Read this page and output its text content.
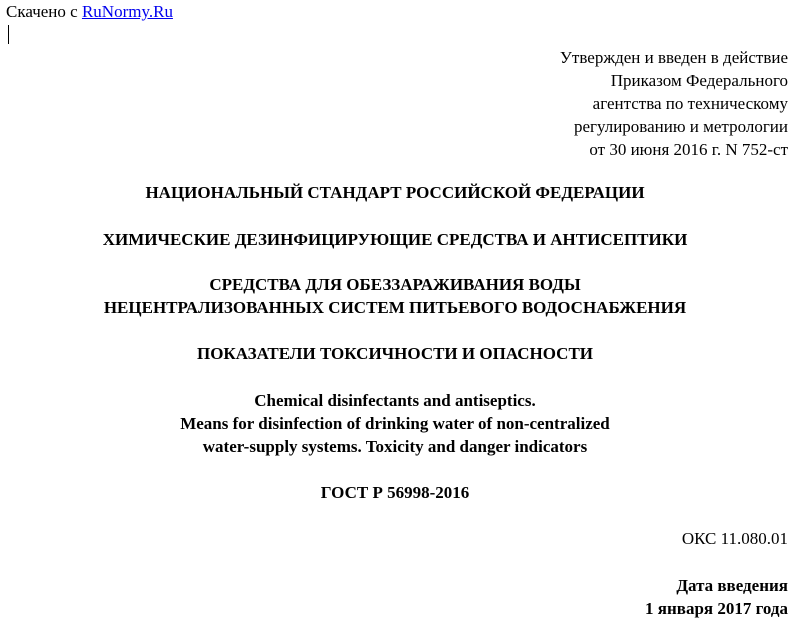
Скачено с RuNormy.Ru
Утвержден и введен в действие
Приказом Федерального
агентства по техническому
регулированию и метрологии
от 30 июня 2016 г. N 752-ст
НАЦИОНАЛЬНЫЙ СТАНДАРТ РОССИЙСКОЙ ФЕДЕРАЦИИ
ХИМИЧЕСКИЕ ДЕЗИНФИЦИРУЮЩИЕ СРЕДСТВА И АНТИСЕПТИКИ
СРЕДСТВА ДЛЯ ОБЕЗЗАРАЖИВАНИЯ ВОДЫ
НЕЦЕНТРАЛИЗОВАННЫХ СИСТЕМ ПИТЬЕВОГО ВОДОСНАБЖЕНИЯ
ПОКАЗАТЕЛИ ТОКСИЧНОСТИ И ОПАСНОСТИ
Chemical disinfectants and antiseptics.
Means for disinfection of drinking water of non-centralized
water-supply systems. Toxicity and danger indicators
ГОСТ Р 56998-2016
ОКС 11.080.01
Дата введения
1 января 2017 года
